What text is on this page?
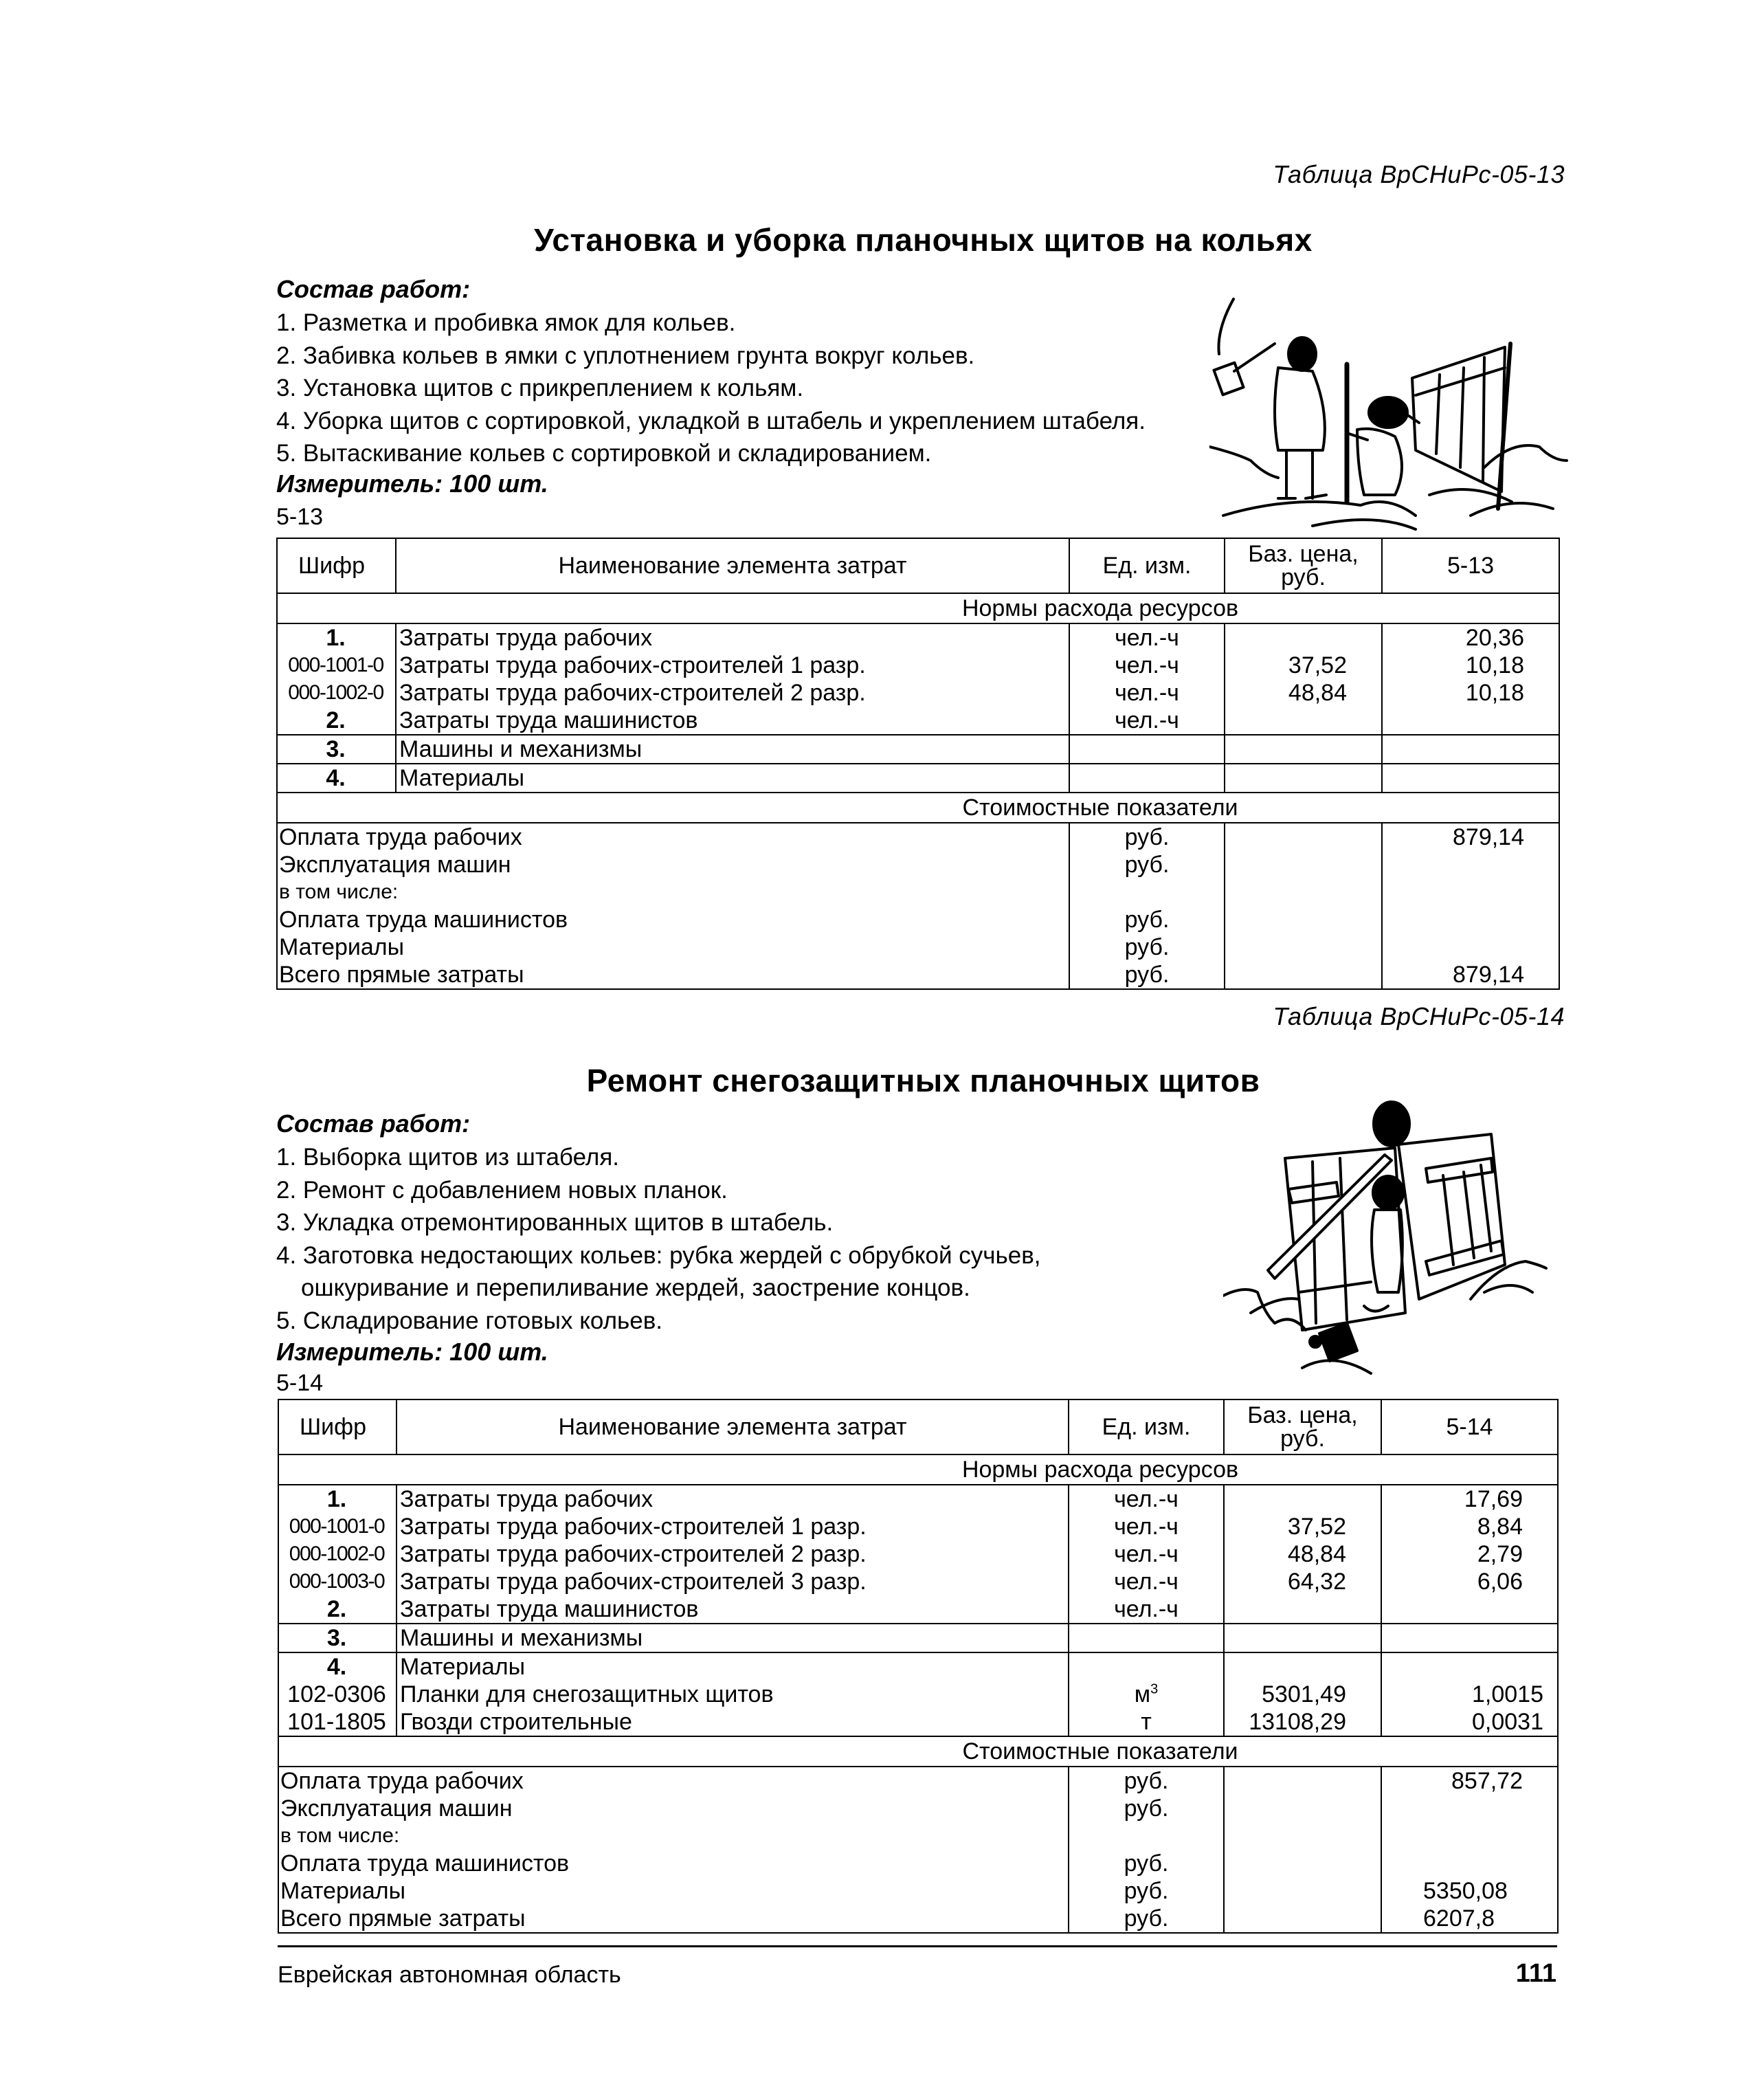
Таблица ВрСНиРс-05-13
Установка и уборка планочных щитов на кольях
Состав работ:
1. Разметка и пробивка ямок для кольев.
2. Забивка кольев в ямки с уплотнением грунта вокруг кольев.
3. Установка щитов с прикреплением к кольям.
4. Уборка щитов с сортировкой, укладкой в штабель и укреплением штабеля.
5. Вытаскивание кольев с сортировкой и складированием.
Измеритель: 100 шт.
5-13
Шифр	Наименование элемента затрат	Ед. изм.	Баз. цена, руб.	5-13
Нормы расхода ресурсов				
1.	Затраты труда рабочих	чел.-ч		20,36
000-1001-0	Затраты труда рабочих-строителей 1 разр.	чел.-ч	37,52	10,18
000-1002-0	Затраты труда рабочих-строителей 2 разр.	чел.-ч	48,84	10,18
2.	Затраты труда машинистов	чел.-ч		
3.	Машины и механизмы			
4.	Материалы			
Стоимостные показатели				
Оплата труда рабочих		руб.		879,14
Эксплуатация машин		руб.		
в том числе:				
Оплата труда машинистов		руб.		
Материалы		руб.		
Всего прямые затраты		руб.		879,14
Таблица ВрСНиРс-05-14
Ремонт снегозащитных планочных щитов
Состав работ:
1. Выборка щитов из штабеля.
2. Ремонт с добавлением новых планок.
3. Укладка отремонтированных щитов в штабель.
4. Заготовка недостающих кольев: рубка жердей с обрубкой сучьев,
ошкуривание и перепиливание жердей, заострение концов.
5. Складирование готовых кольев.
Измеритель: 100 шт.
5-14
Шифр	Наименование элемента затрат	Ед. изм.	Баз. цена, руб.	5-14
Нормы расхода ресурсов				
1.	Затраты труда рабочих	чел.-ч		17,69
000-1001-0	Затраты труда рабочих-строителей 1 разр.	чел.-ч	37,52	8,84
000-1002-0	Затраты труда рабочих-строителей 2 разр.	чел.-ч	48,84	2,79
000-1003-0	Затраты труда рабочих-строителей 3 разр.	чел.-ч	64,32	6,06
2.	Затраты труда машинистов	чел.-ч		
3.	Машины и механизмы			
4.	Материалы			
102-0306	Планки для снегозащитных щитов	$м^3$	5301,49	1,0015
101-1805	Гвозди строительные	т	13108,29	0,0031
Стоимостные показатели				
Оплата труда рабочих		руб.		857,72
Эксплуатация машин		руб.		
в том числе:				
Оплата труда машинистов		руб.		
Материалы		руб.		5350,08
Всего прямые затраты		руб.		6207,8
Еврейская автономная область	111
